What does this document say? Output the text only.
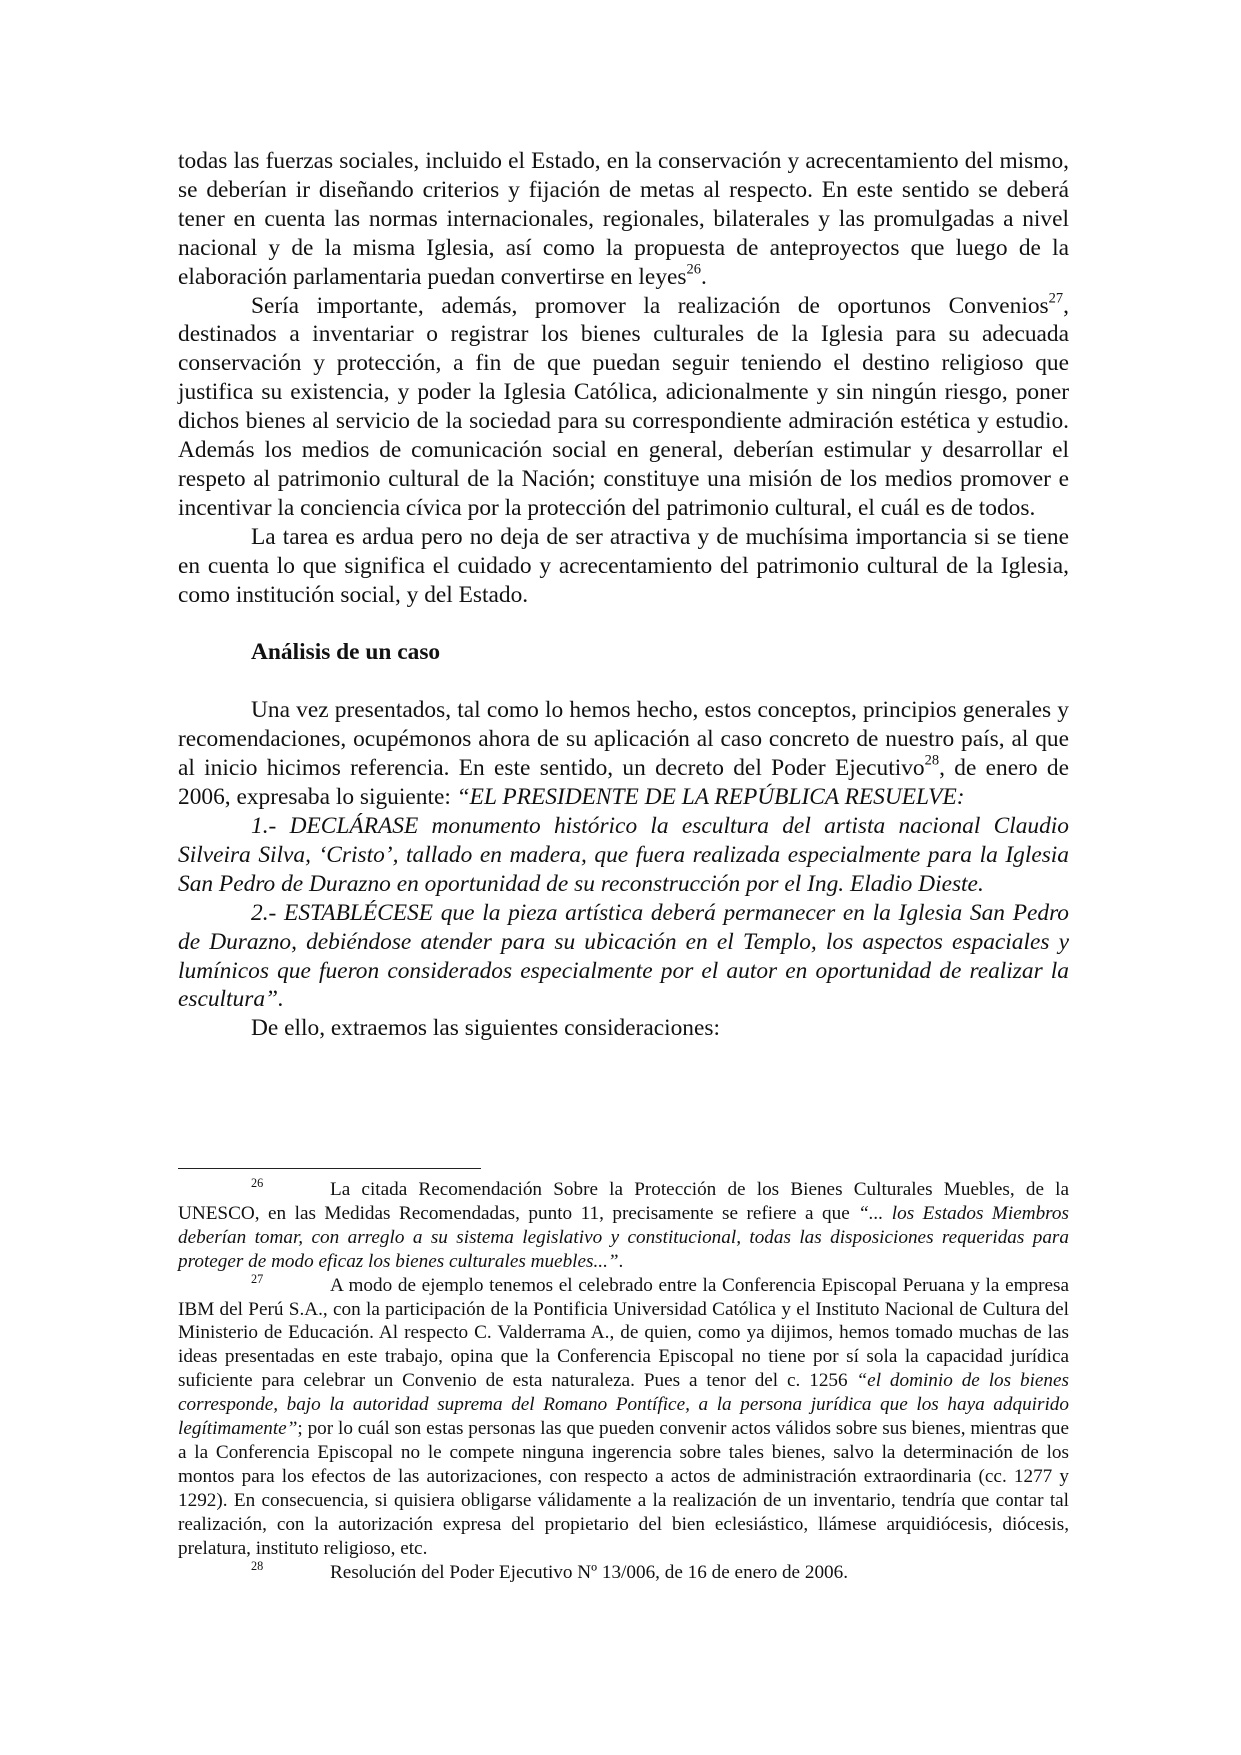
todas las fuerzas sociales, incluido el Estado, en la conservación y acrecentamiento del mismo, se deberían ir diseñando criterios y fijación de metas al respecto. En este sentido se deberá tener en cuenta las normas internacionales, regionales, bilaterales y las promulgadas a nivel nacional y de la misma Iglesia, así como la propuesta de anteproyectos que luego de la elaboración parlamentaria puedan convertirse en leyes$^{26}$.

Sería importante, además, promover la realización de oportunos Convenios$^{27}$, destinados a inventariar o registrar los bienes culturales de la Iglesia para su adecuada conservación y protección, a fin de que puedan seguir teniendo el destino religioso que justifica su existencia, y poder la Iglesia Católica, adicionalmente y sin ningún riesgo, poner dichos bienes al servicio de la sociedad para su correspondiente admiración estética y estudio. Además los medios de comunicación social en general, deberían estimular y desarrollar el respeto al patrimonio cultural de la Nación; constituye una misión de los medios promover e incentivar la conciencia cívica por la protección del patrimonio cultural, el cuál es de todos.

La tarea es ardua pero no deja de ser atractiva y de muchísima importancia si se tiene en cuenta lo que significa el cuidado y acrecentamiento del patrimonio cultural de la Iglesia, como institución social, y del Estado.

Análisis de un caso

Una vez presentados, tal como lo hemos hecho, estos conceptos, principios generales y recomendaciones, ocupémonos ahora de su aplicación al caso concreto de nuestro país, al que al inicio hicimos referencia. En este sentido, un decreto del Poder Ejecutivo$^{28}$, de enero de 2006, expresaba lo siguiente: “EL PRESIDENTE DE LA REPÚBLICA RESUELVE:

1.- DECLÁRASE monumento histórico la escultura del artista nacional Claudio Silveira Silva, ‘Cristo’, tallado en madera, que fuera realizada especialmente para la Iglesia San Pedro de Durazno en oportunidad de su reconstrucción por el Ing. Eladio Dieste.

2.- ESTABLÉCESE que la pieza artística deberá permanecer en la Iglesia San Pedro de Durazno, debiéndose atender para su ubicación en el Templo, los aspectos espaciales y lumínicos que fueron considerados especialmente por el autor en oportunidad de realizar la escultura”.

De ello, extraemos las siguientes consideraciones:

26	La citada Recomendación Sobre la Protección de los Bienes Culturales Muebles, de la UNESCO, en las Medidas Recomendadas, punto 11, precisamente se refiere a que “... los Estados Miembros deberían tomar, con arreglo a su sistema legislativo y constitucional, todas las disposiciones requeridas para proteger de modo eficaz los bienes culturales muebles...”.

27	A modo de ejemplo tenemos el celebrado entre la Conferencia Episcopal Peruana y la empresa IBM del Perú S.A., con la participación de la Pontificia Universidad Católica y el Instituto Nacional de Cultura del Ministerio de Educación. Al respecto C. Valderrama A., de quien, como ya dijimos, hemos tomado muchas de las ideas presentadas en este trabajo, opina que la Conferencia Episcopal no tiene por sí sola la capacidad jurídica suficiente para celebrar un Convenio de esta naturaleza. Pues a tenor del c. 1256 “el dominio de los bienes corresponde, bajo la autoridad suprema del Romano Pontífice, a la persona jurídica que los haya adquirido legítimamente”; por lo cuál son estas personas las que pueden convenir actos válidos sobre sus bienes, mientras que a la Conferencia Episcopal no le compete ninguna ingerencia sobre tales bienes, salvo la determinación de los montos para los efectos de las autorizaciones, con respecto a actos de administración extraordinaria (cc. 1277 y 1292). En consecuencia, si quisiera obligarse válidamente a la realización de un inventario, tendría que contar tal realización, con la autorización expresa del propietario del bien eclesiástico, llámese arquidiócesis, diócesis, prelatura, instituto religioso, etc.

28	Resolución del Poder Ejecutivo Nº 13/006, de 16 de enero de 2006.
